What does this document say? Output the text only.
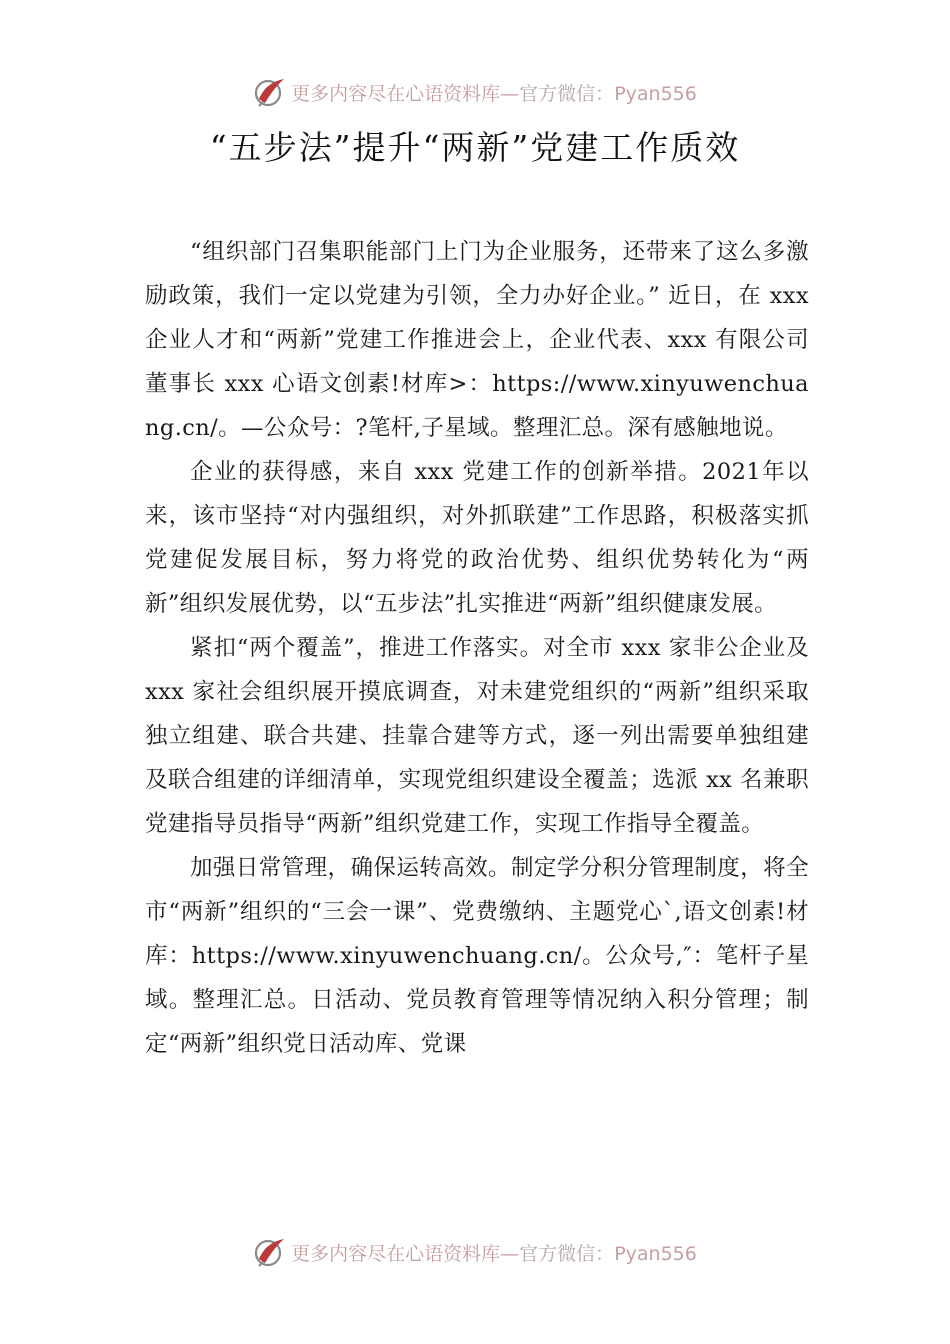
更多内容尽在心语资料库—官方微信：Pyan556
“五步法”提升“两新”党建工作质效

“组织部门召集职能部门上门为企业服务，还带来了这么多激励政策，我们一定以党建为引领，全力办好企业。” 近日，在 xxx 企业人才和“两新”党建工作推进会上，企业代表、xxx 有限公司董事长 xxx 心语文创素!材库>：https://www.xinyuwenchuang.cn/。—公众号：?笔杆,子星域。整理汇总。深有感触地说。

企业的获得感，来自 xxx 党建工作的创新举措。2021年以来，该市坚持“对内强组织，对外抓联建”工作思路，积极落实抓党建促发展目标，努力将党的政治优势、组织优势转化为“两新”组织发展优势，以“五步法”扎实推进“两新”组织健康发展。

紧扣“两个覆盖”，推进工作落实。对全市 xxx 家非公企业及 xxx 家社会组织展开摸底调查，对未建党组织的“两新”组织采取独立组建、联合共建、挂靠合建等方式，逐一列出需要单独组建及联合组建的详细清单，实现党组织建设全覆盖；选派 xx 名兼职党建指导员指导“两新”组织党建工作，实现工作指导全覆盖。

加强日常管理，确保运转高效。制定学分积分管理制度，将全市“两新”组织的“三会一课”、党费缴纳、主题党心`,语文创素!材库：https://www.xinyuwenchuang.cn/。公众号,″：笔杆子星域。整理汇总。日活动、党员教育管理等情况纳入积分管理；制定“两新”组织党日活动库、党课

更多内容尽在心语资料库—官方微信：Pyan556
